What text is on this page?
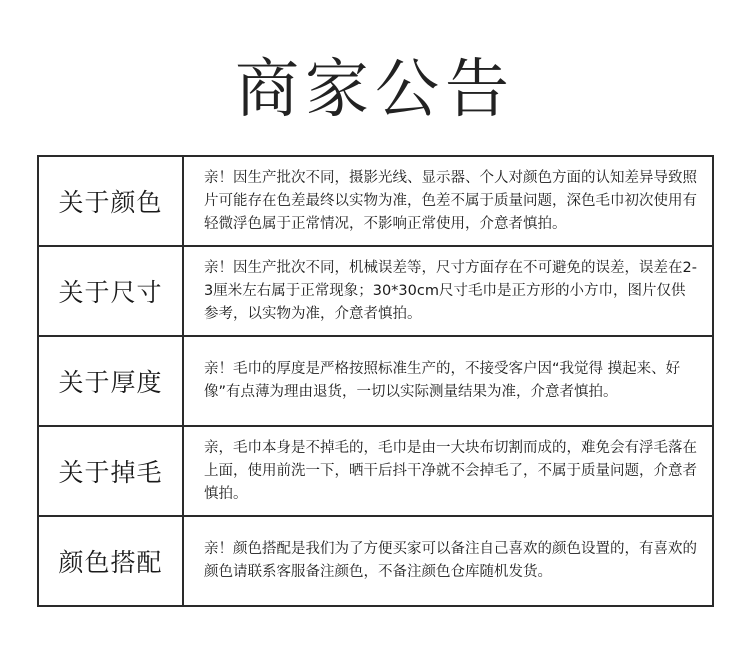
商家公告
关于颜色	亲！因生产批次不同，摄影光线、显示器、个人对颜色方面的认知差异导致照片可能存在色差最终以实物为准，色差不属于质量问题，深色毛巾初次使用有轻微浮色属于正常情况，不影响正常使用，介意者慎拍。
关于尺寸	亲！因生产批次不同，机械误差等，尺寸方面存在不可避免的误差，误差在2-3厘米左右属于正常现象；30*30cm尺寸毛巾是正方形的小方巾，图片仅供参考，以实物为准，介意者慎拍。
关于厚度	亲！毛巾的厚度是严格按照标准生产的，不接受客户因“我觉得 摸起来、好像”有点薄为理由退货，一切以实际测量结果为准，介意者慎拍。
关于掉毛	亲，毛巾本身是不掉毛的，毛巾是由一大块布切割而成的，难免会有浮毛落在上面，使用前洗一下，晒干后抖干净就不会掉毛了，不属于质量问题，介意者慎拍。
颜色搭配	亲！颜色搭配是我们为了方便买家可以备注自己喜欢的颜色设置的，有喜欢的颜色请联系客服备注颜色，不备注颜色仓库随机发货。
